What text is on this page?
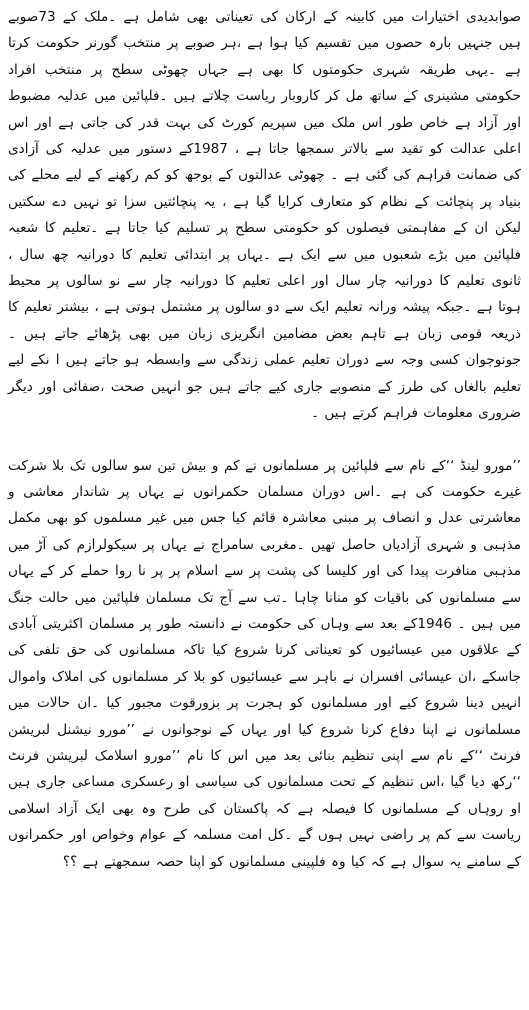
صوابدیدی اختیارات میں کابینہ کے ارکان کی تعیناتی بھی شامل ہے ۔ملک کے 73صوبے ہیں جنہیں بارہ حصوں میں تقسیم کیا ہوا ہے ،ہر صوبے پر منتخب گورنر حکومت کرتا ہے ۔یہی طریقہ شہری حکومتوں کا بھی ہے جہاں چھوٹی سطح پر منتخب افراد حکومتی مشینری کے ساتھ مل کر کاروبار ریاست چلاتے ہیں ۔فلپائین میں عدلیہ مضبوط اور آزاد ہے خاص طور اس ملک میں سپریم کورٹ کی بہت قدر کی جاتی ہے اور اس اعلی عدالت کو تقید سے بالاتر سمجھا جاتا ہے ، 1987کے دستور میں عدلیہ کی آزادی کی ضمانت فراہم کی گئی ہے ۔ چھوٹی عدالتوں کے بوجھ کو کم رکھنے کے لیے محلے کی بنیاد پر پنچائت کے نظام کو متعارف کرایا گیا ہے ، یہ پنچائتیں سزا تو نہیں دے سکتیں لیکن ان کے مفاہمتی فیصلوں کو حکومتی سطح پر تسلیم کیا جاتا ہے ۔تعلیم کا شعبہ فلپائین میں بڑے شعبوں میں سے ایک ہے ۔یہاں پر ابتدائی تعلیم کا دورانیہ چھ سال ، ثانوی تعلیم کا دورانیہ چار سال اور اعلی تعلیم کا دورانیہ چار سے نو سالوں پر محیط ہوتا ہے ۔جبکہ پیشہ ورانہ تعلیم ایک سے دو سالوں پر مشتمل ہوتی ہے ، بیشتر تعلیم کا ذریعہ قومی زبان ہے تاہم بعض مضامین انگریزی زبان میں بھی پڑھائے جاتے ہیں ۔جونوجوان کسی وجہ سے دوران تعلیم عملی زندگی سے وابسطہ ہو جاتے ہیں ا نکے لیے تعلیم بالغاں کی طرز کے منصوبے جاری کیے جاتے ہیں جو انہیں صحت ،صفائی اور دیگر ضروری معلومات فراہم کرتے ہیں ۔

’’مورو لینڈ ‘‘کے نام سے فلپائین پر مسلمانوں نے کم و بیش تین سو سالوں تک بلا شرکت غیرے حکومت کی ہے ۔اس دوران مسلمان حکمرانوں نے یہاں پر شاندار معاشی و معاشرتی عدل و انصاف پر مبنی معاشرہ قائم کیا جس میں غیر مسلموں کو بھی مکمل مذہبی و شہری آزادیاں حاصل تھیں ۔مغربی سامراج نے یہاں پر سیکولرازم کی آڑ میں مذہبی منافرت پیدا کی اور کلیسا کی پشت پر سے اسلام پر پر نا روا حملے کر کے یہاں سے مسلمانوں کی باقیات کو منانا چاہا ۔تب سے آج تک مسلمان فلپائین میں حالت جنگ میں ہیں ۔ 1946کے بعد سے وہاں کی حکومت نے دانستہ طور پر مسلمان اکثریتی آبادی کے علاقوں میں عیسائیوں کو تعیناتی کرنا شروع کیا تاکہ مسلمانوں کی حق تلفی کی جاسکے ،ان عیسائی افسران نے باہر سے عیسائیوں کو بلا کر مسلمانوں کی املاک واموال انہیں دینا شروع کیے اور مسلمانوں کو ہجرت پر بزورقوت مجبور کیا ۔ان حالات میں مسلمانوں نے اپنا دفاع کرنا شروع کیا اور یہاں کے نوجوانوں نے ’’مورو نیشنل لبریشن فرنٹ ‘‘کے نام سے اپنی تنظیم بنائی بعد میں اس کا نام ’’مورو اسلامک لبریشن فرنٹ ‘‘رکھ دیا گیا ،اس تنظیم کے تحت مسلمانوں کی سیاسی او رعسکری مساعی جاری ہیں او روہاں کے مسلمانوں کا فیصلہ ہے کہ پاکستان کی طرح وہ بھی ایک آزاد اسلامی ریاست سے کم پر راضی نہیں ہوں گے ۔کل امت مسلمہ کے عوام وخواص اور حکمرانوں کے سامنے یہ سوال ہے کہ کیا وہ فلپینی مسلمانوں کو اپنا حصہ سمجھتے ہے ؟؟
